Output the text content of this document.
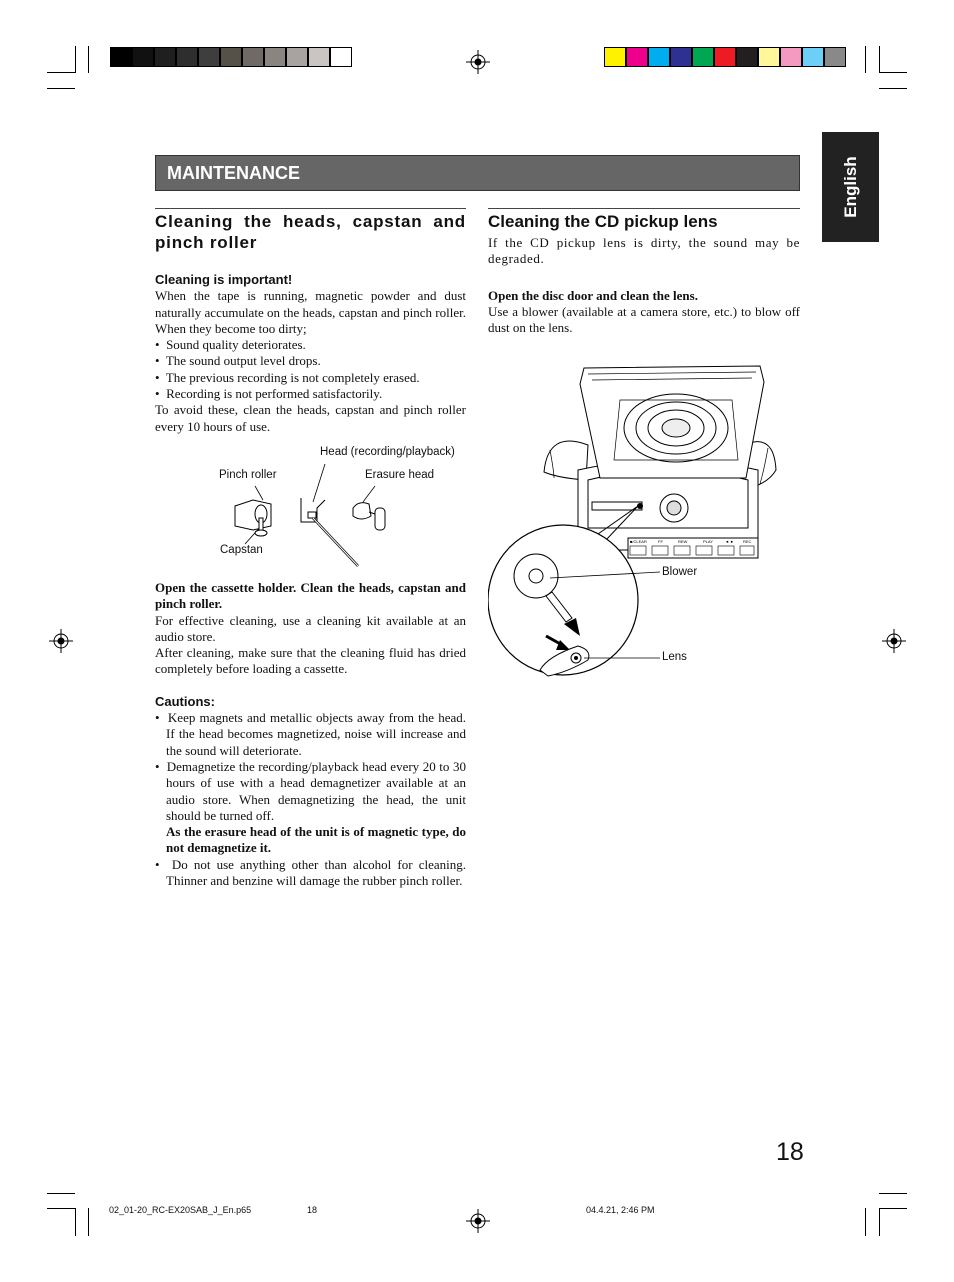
English
MAINTENANCE
Cleaning the heads, capstan and pinch roller

Cleaning is important!

When the tape is running, magnetic powder and dust naturally accumulate on the heads, capstan and pinch roller. When they become too dirty;

•  Sound quality deteriorates.

•  The sound output level drops.

•  The previous recording is not completely erased.

•  Recording is not performed satisfactorily.

To avoid these, clean the heads, capstan and pinch roller every 10 hours of use.

Head (recording/playback)
Pinch roller	Erasure head
Capstan

Open the cassette holder. Clean the heads, capstan and pinch roller.

For effective cleaning, use a cleaning kit available at an audio store.

After cleaning, make sure that the cleaning fluid has dried completely before loading a cassette.

Cautions:

•  Keep magnets and metallic objects away from the head. If the head becomes magnetized, noise will increase and the sound will deteriorate.

•  Demagnetize the recording/playback head every 20 to 30 hours of use with a head demagnetizer available at an audio store. When demagnetizing the head, the unit should be turned off.

As the erasure head of the unit is of magnetic type, do not demagnetize it.

•  Do not use anything other than alcohol for cleaning. Thinner and benzine will damage the rubber pinch roller.

Cleaning the CD pickup lens

If the CD pickup lens is dirty, the sound may be degraded.

Open the disc door and clean the lens.

Use a blower (available at a camera store, etc.) to blow off dust on the lens.

■/CLEAR	FF	REW	PLAY	◄ ► REC
Blower
Lens
18
02_01-20_RC-EX20SAB_J_En.p65	18	04.4.21, 2:46 PM
